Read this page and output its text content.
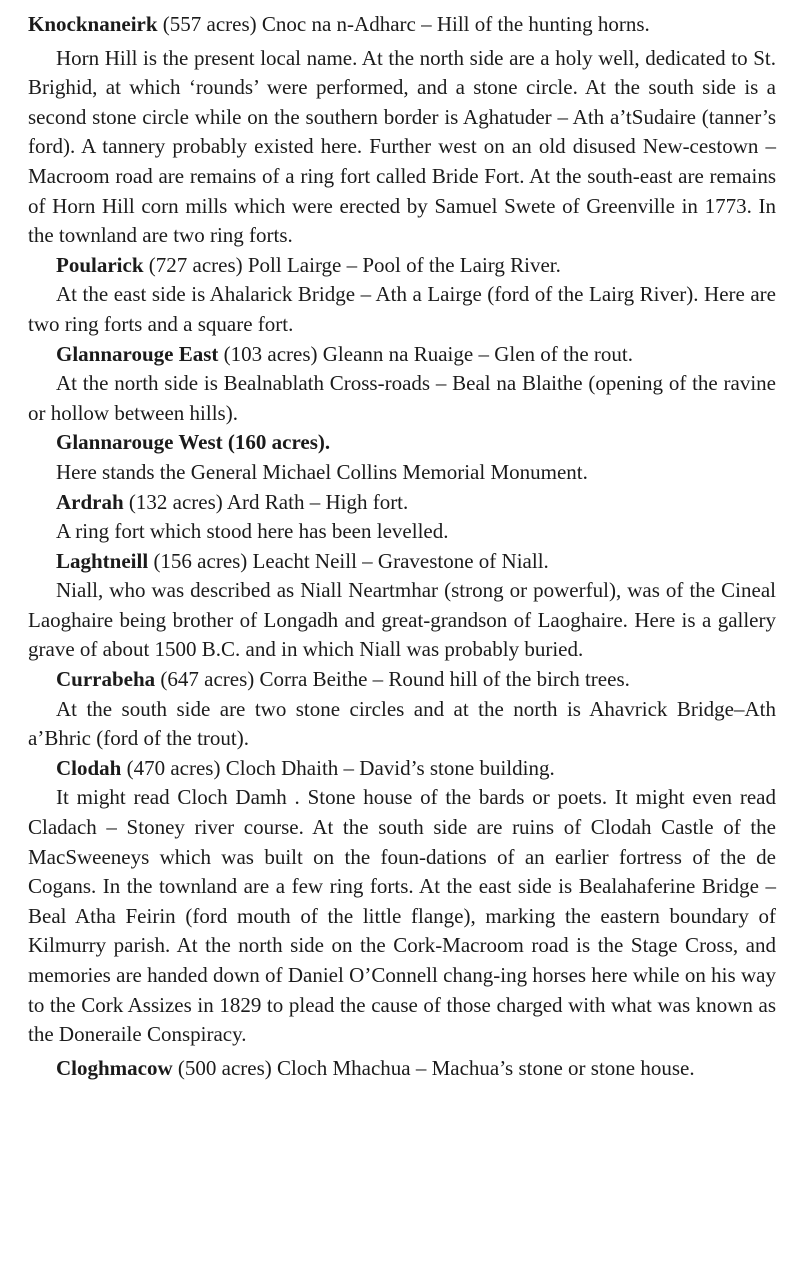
Knocknaneirk (557 acres) Cnoc na n-Adharc – Hill of the hunting horns.

Horn Hill is the present local name. At the north side are a holy well, dedicated to St. Brighid, at which ‘rounds’ were performed, and a stone circle. At the south side is a second stone circle while on the southern border is Aghatuder – Ath a’tSudaire (tanner’s ford). A tannery probably existed here. Further west on an old disused New-cestown – Macroom road are remains of a ring fort called Bride Fort. At the south-east are remains of Horn Hill corn mills which were erected by Samuel Swete of Greenville in 1773. In the townland are two ring forts.

Poularick (727 acres) Poll Lairge – Pool of the Lairg River.

At the east side is Ahalarick Bridge – Ath a Lairge (ford of the Lairg River). Here are two ring forts and a square fort.

Glannarouge East (103 acres) Gleann na Ruaige – Glen of the rout.

At the north side is Bealnablath Cross-roads – Beal na Blaithe (opening of the ravine or hollow between hills).

Glannarouge West (160 acres).

Here stands the General Michael Collins Memorial Monument.

Ardrah (132 acres) Ard Rath – High fort.

A ring fort which stood here has been levelled.

Laghtneill (156 acres) Leacht Neill – Gravestone of Niall.

Niall, who was described as Niall Neartmhar (strong or powerful), was of the Cineal Laoghaire being brother of Longadh and great-grandson of Laoghaire. Here is a gallery grave of about 1500 B.C. and in which Niall was probably buried.

Currabeha (647 acres) Corra Beithe – Round hill of the birch trees.

At the south side are two stone circles and at the north is Ahavrick Bridge–Ath a’Bhric (ford of the trout).

Clodah (470 acres) Cloch Dhaith – David’s stone building.

It might read Cloch Damh . Stone house of the bards or poets. It might even read Cladach – Stoney river course. At the south side are ruins of Clodah Castle of the MacSweeneys which was built on the foun-dations of an earlier fortress of the de Cogans. In the townland are a few ring forts. At the east side is Bealahaferine Bridge – Beal Atha Feirin (ford mouth of the little flange), marking the eastern boundary of Kilmurry parish. At the north side on the Cork-Macroom road is the Stage Cross, and memories are handed down of Daniel O’Connell chang-ing horses here while on his way to the Cork Assizes in 1829 to plead the cause of those charged with what was known as the Doneraile Conspiracy.

Cloghmacow (500 acres) Cloch Mhachua – Machua’s stone or stone house.
